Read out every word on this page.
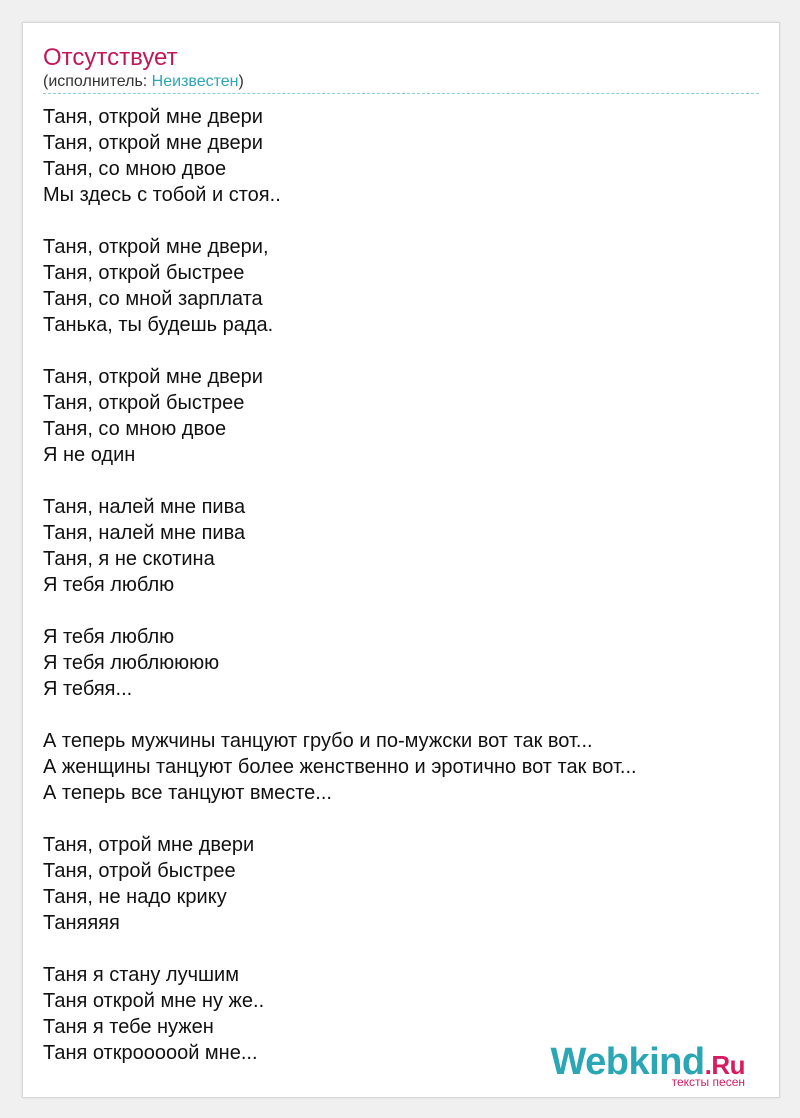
Отсутствует
(исполнитель: Неизвестен)
Таня, открой мне двери
Таня, открой мне двери
Таня, со мною двое
Мы здесь с тобой и стоя..
Таня, открой мне двери,
Таня, открой быстрее
Таня, со мной зарплата
Танька, ты будешь рада.
Таня, открой мне двери
Таня, открой быстрее
Таня, со мною двое
Я не один
Таня, налей мне пива
Таня, налей мне пива
Таня, я не скотина
Я тебя люблю
Я тебя люблю
Я тебя люблюююю
Я тебяя...
А теперь мужчины танцуют грубо и по-мужски вот так вот...
А женщины танцуют более женственно и эротично вот так вот...
А теперь все танцуют вместе...
Таня, отрой мне двери
Таня, отрой быстрее
Таня, не надо крику
Таняяяя
Таня я стану лучшим
Таня открой мне ну же..
Таня я тебе нужен
Таня открооооой мне...	Webkind.Ru
тексты песен
